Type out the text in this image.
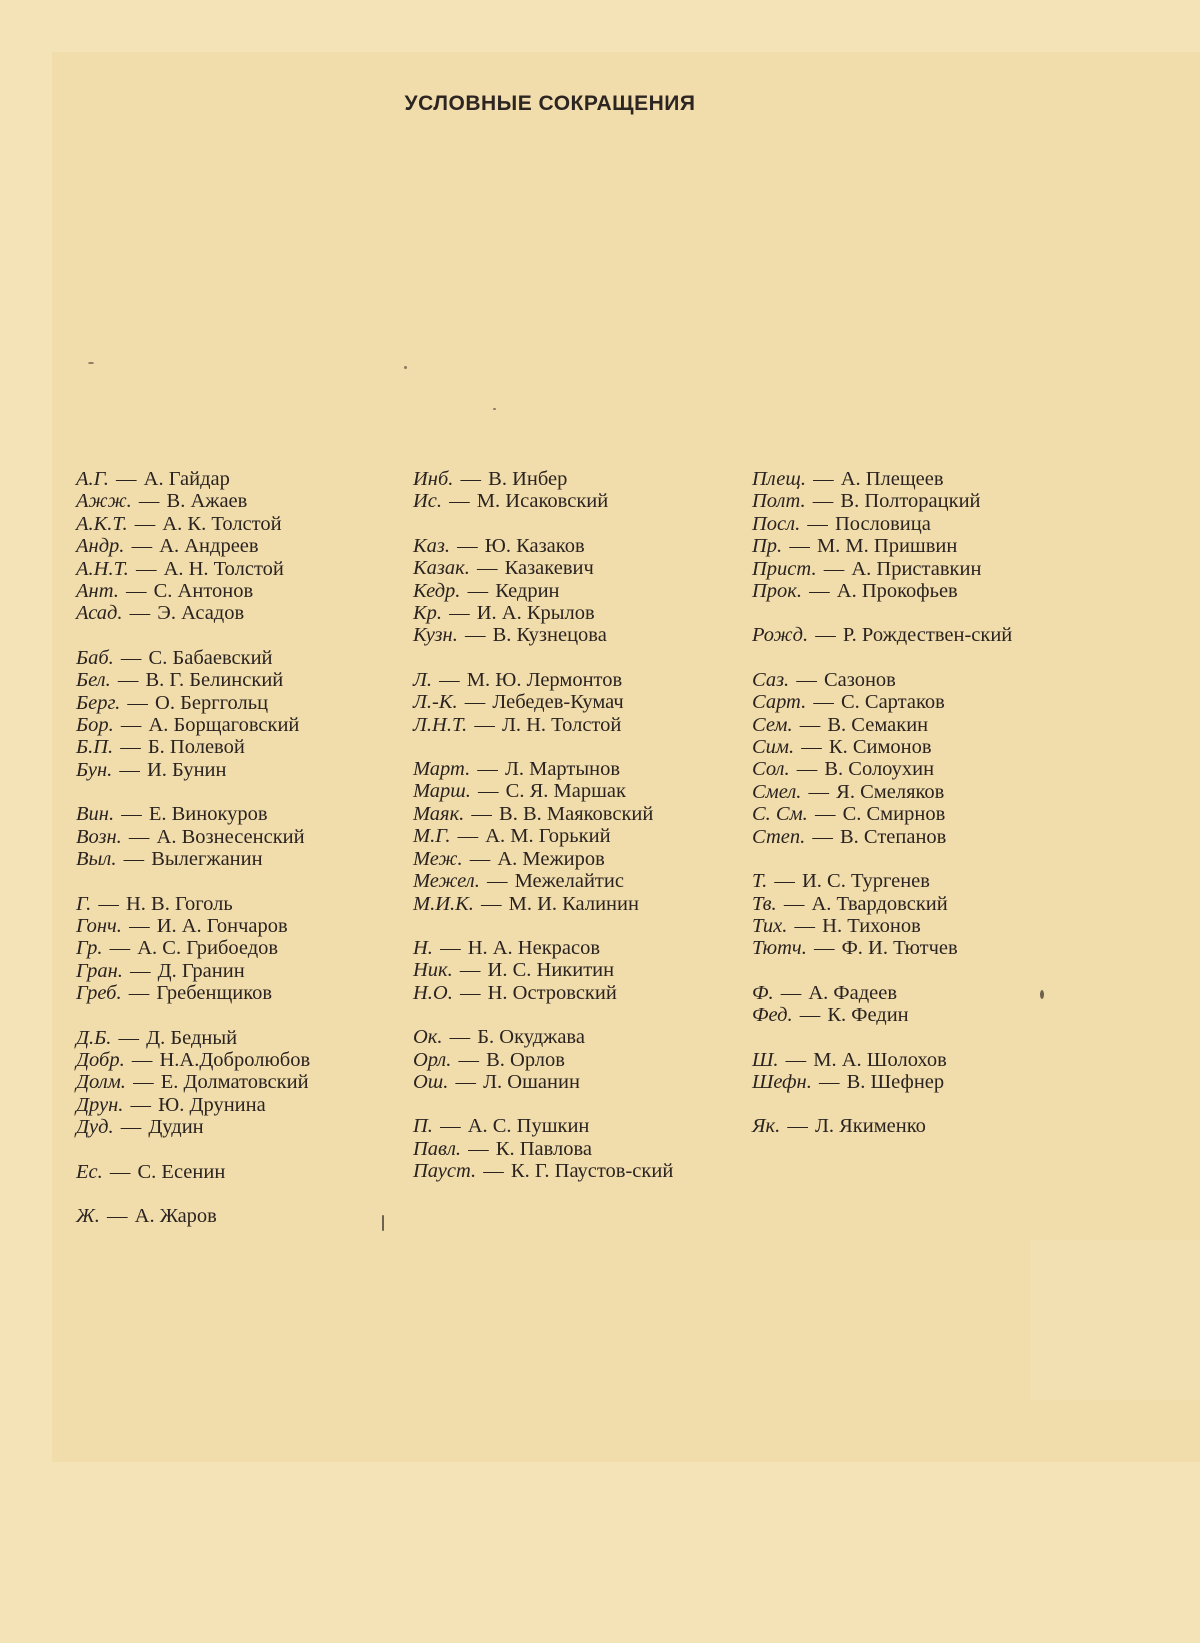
УСЛОВНЫЕ СОКРАЩЕНИЯ
А.Г. — А. Гайдар
Ажж. — В. Ажаев
А.К.Т. — А. К. Толстой
Андр. — А. Андреев
А.Н.Т. — А. Н. Толстой
Ант. — С. Антонов
Асад. — Э. Асадов
Баб. — С. Бабаевский
Бел. — В. Г. Белинский
Берг. — О. Берггольц
Бор. — А. Борщаговский
Б.П. — Б. Полевой
Бун. — И. Бунин
Вин. — Е. Винокуров
Возн. — А. Вознесенский
Выл. — Вылегжанин
Г. — Н. В. Гоголь
Гонч. — И. А. Гончаров
Гр. — А. С. Грибоедов
Гран. — Д. Гранин
Греб. — Гребенщиков
Д.Б. — Д. Бедный
Добр. — Н.А.Добролюбов
Долм. — Е. Долматовский
Друн. — Ю. Друнина
Дуд. — Дудин
Ес. — С. Есенин
Ж. — А. Жаров
Инб. — В. Инбер
Ис. — М. Исаковский
Каз. — Ю. Казаков
Казак. — Казакевич
Кедр. — Кедрин
Кр. — И. А. Крылов
Кузн. — В. Кузнецова
Л. — М. Ю. Лермонтов
Л.-К. — Лебедев-Кумач
Л.Н.Т. — Л. Н. Толстой
Март. — Л. Мартынов
Марш. — С. Я. Маршак
Маяк. — В. В. Маяковский
М.Г. — А. М. Горький
Меж. — А. Межиров
Межел. — Межелайтис
М.И.К. — М. И. Калинин
Н. — Н. А. Некрасов
Ник. — И. С. Никитин
Н.О. — Н. Островский
Ок. — Б. Окуджава
Орл. — В. Орлов
Ош. — Л. Ошанин
П. — А. С. Пушкин
Павл. — К. Павлова
Пауст. — К. Г. Паустов-ский
Плещ. — А. Плещеев
Полт. — В. Полторацкий
Посл. — Пословица
Пр. — М. М. Пришвин
Прист. — А. Приставкин
Прок. — А. Прокофьев
Рожд. — Р. Рождествен-ский
Саз. — Сазонов
Сарт. — С. Сартаков
Сем. — В. Семакин
Сим. — К. Симонов
Сол. — В. Солоухин
Смел. — Я. Смеляков
С. См. — С. Смирнов
Степ. — В. Степанов
Т. — И. С. Тургенев
Тв. — А. Твардовский
Тих. — Н. Тихонов
Тютч. — Ф. И. Тютчев
Ф. — А. Фадеев
Фед. — К. Федин
Ш. — М. А. Шолохов
Шефн. — В. Шефнер
Як. — Л. Якименко
